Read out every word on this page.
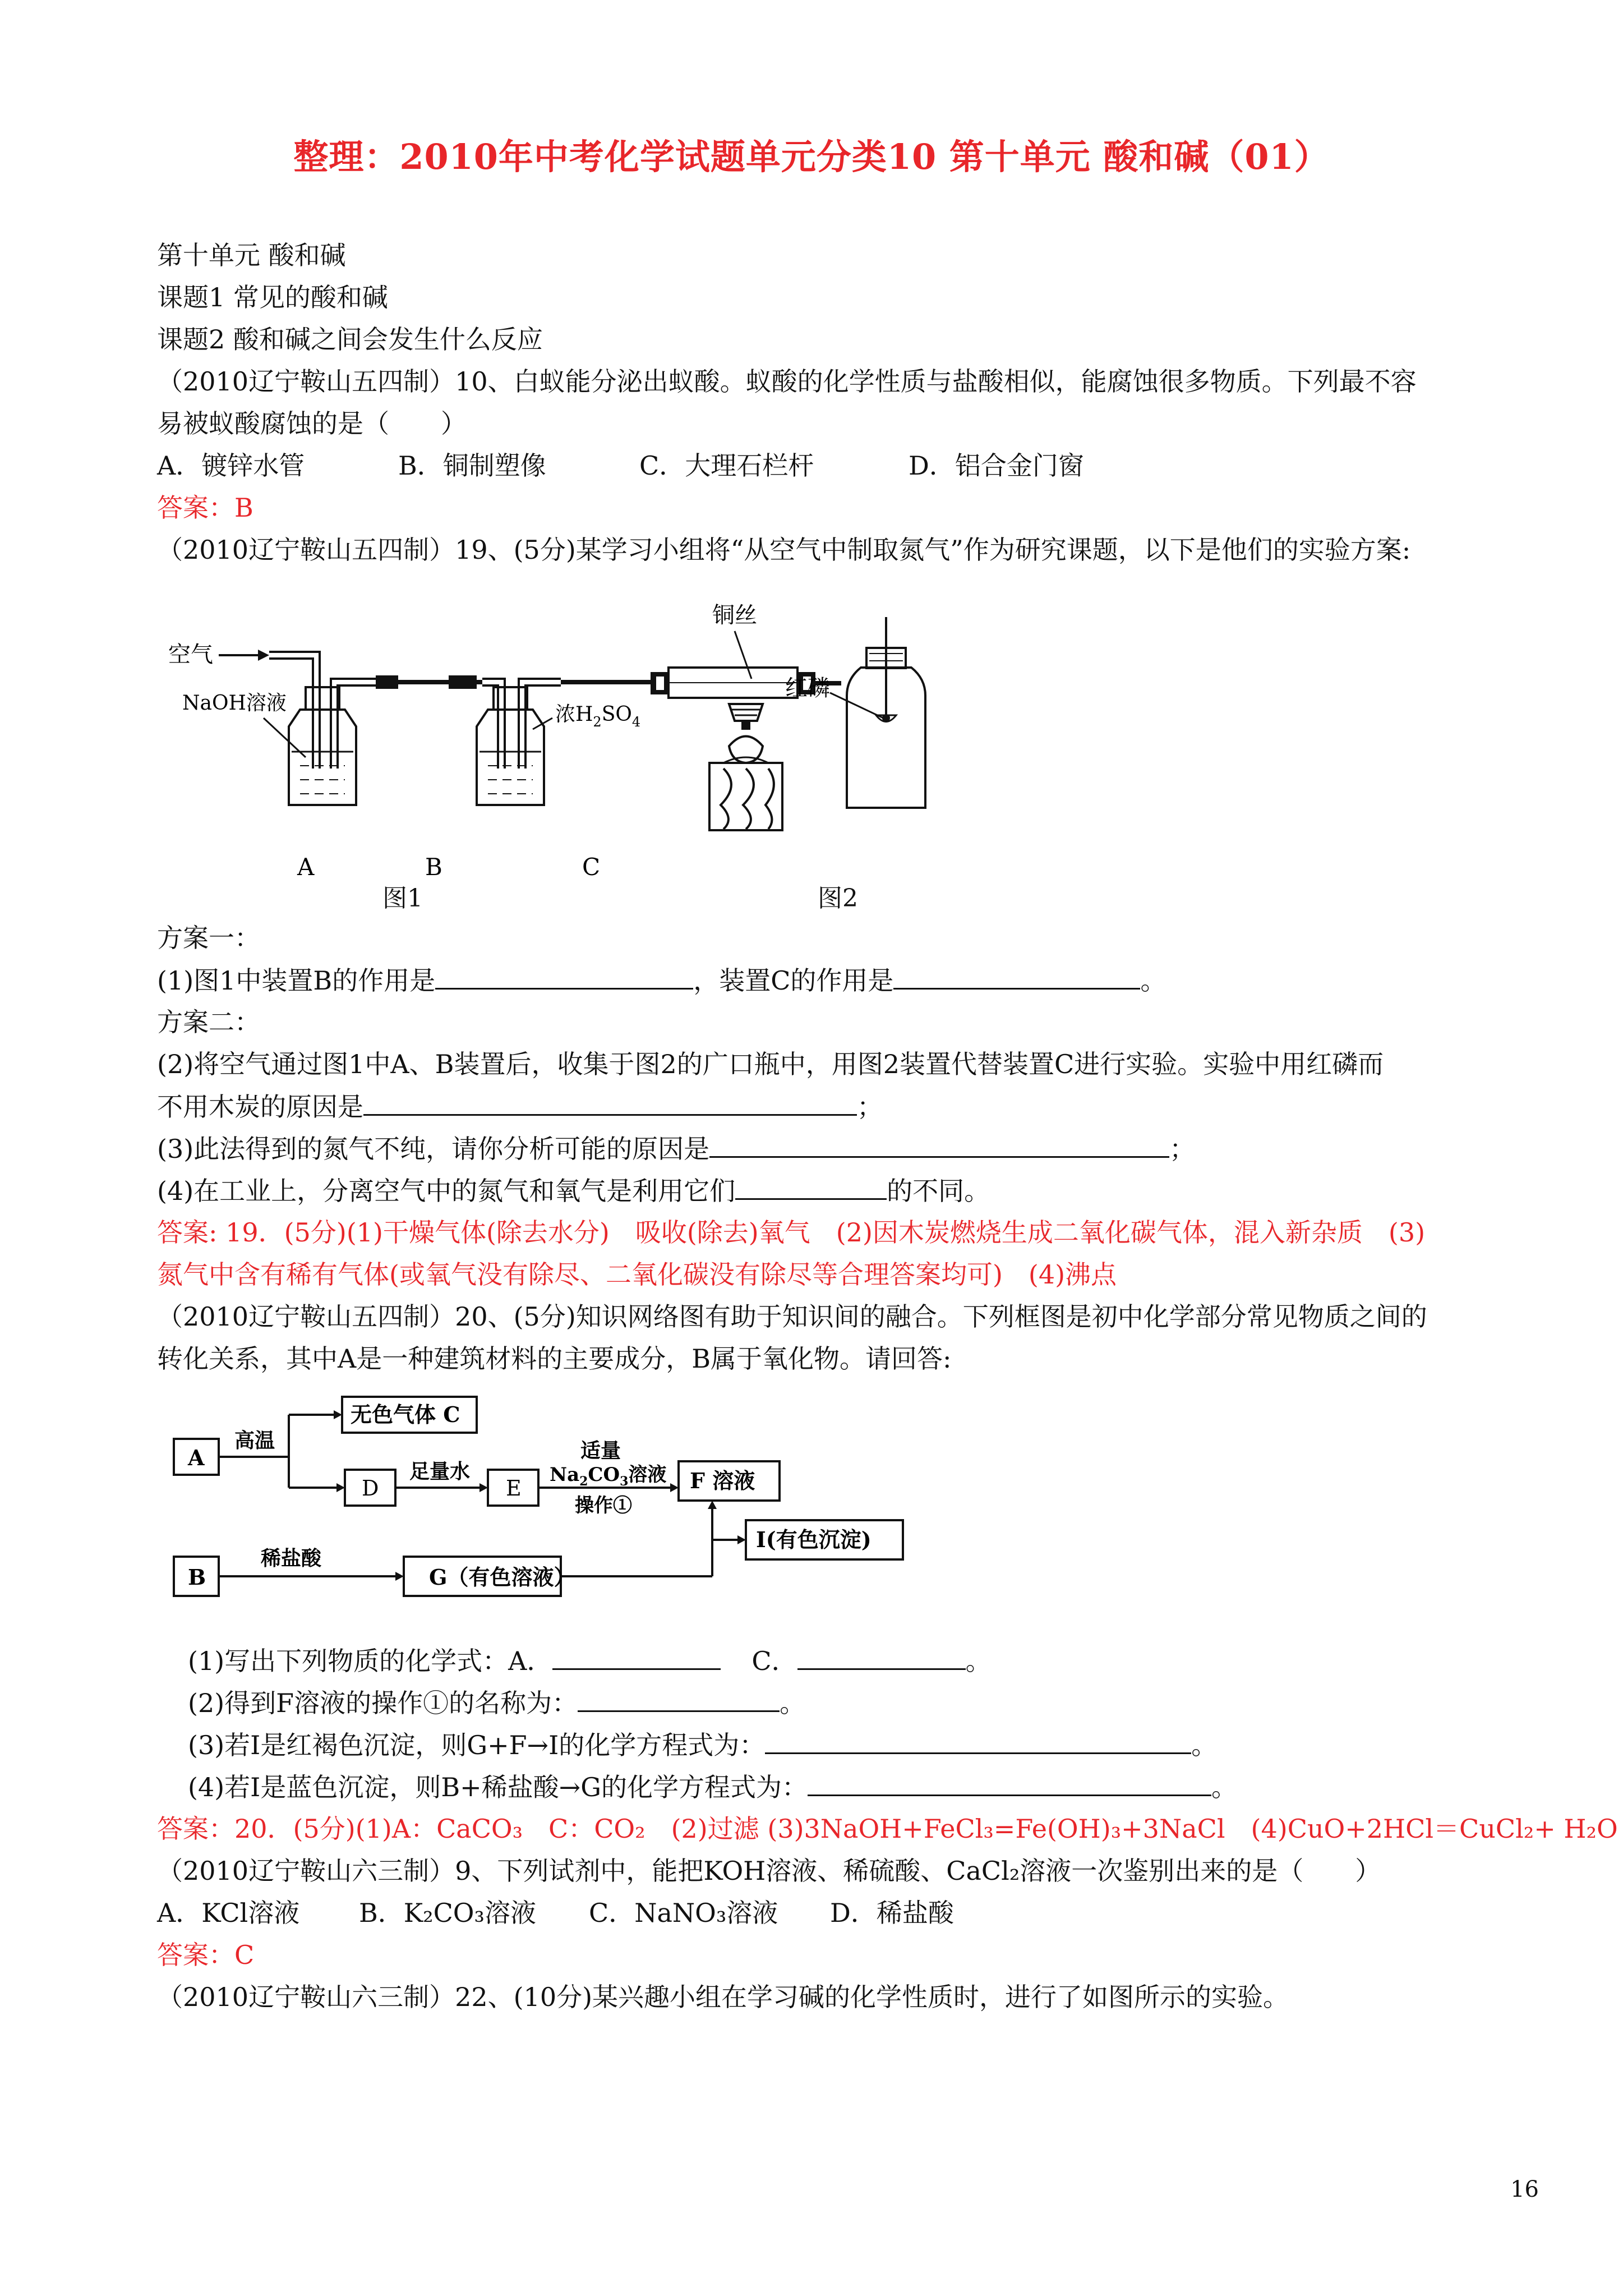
整理：2010年中考化学试题单元分类10 第十单元 酸和碱（01）
第十单元 酸和碱
课题1 常见的酸和碱
课题2 酸和碱之间会发生什么反应
（2010辽宁鞍山五四制）10、白蚁能分泌出蚁酸。蚁酸的化学性质与盐酸相似，能腐蚀很多物质。下列最不容
易被蚁酸腐蚀的是（　　）
A．镀锌水管	B．铜制塑像	C．大理石栏杆	D．铝合金门窗
答案：B
（2010辽宁鞍山五四制）19、(5分)某学习小组将“从空气中制取氮气”作为研究课题，以下是他们的实验方案:
空气
NaOH溶液	浓$H_2SO_4$
铜丝
A	B	C
红磷
图1	图2
方案一：
(1)图1中装置B的作用是	，装置C的作用是	。
方案二：
(2)将空气通过图1中A、B装置后，收集于图2的广口瓶中，用图2装置代替装置C进行实验。实验中用红磷而
不用木炭的原因是	；
(3)此法得到的氮气不纯，请你分析可能的原因是	；
(4)在工业上，分离空气中的氮气和氧气是利用它们	的不同。
答案: 19．(5分)(1)干燥气体(除去水分)　吸收(除去)氧气　(2)因木炭燃烧生成二氧化碳气体，混入新杂质　(3)
氮气中含有稀有气体(或氧气没有除尽、二氧化碳没有除尽等合理答案均可)　(4)沸点
（2010辽宁鞍山五四制）20、(5分)知识网络图有助于知识间的融合。下列框图是初中化学部分常见物质之间的
转化关系，其中A是一种建筑材料的主要成分，B属于氧化物。请回答:
A
高温
无色气体 C
D
足量水
E
适量
$Na_2CO_3$溶液
操作①
F 溶液
I(有色沉淀)
B
稀盐酸
G（有色溶液）
(1)写出下列物质的化学式：A．	C．	。
(2)得到F溶液的操作①的名称为：	。
(3)若I是红褐色沉淀，则G+F→I的化学方程式为：	。
(4)若I是蓝色沉淀，则B+稀盐酸→G的化学方程式为：	。
答案：20．(5分)(1)A：CaCO₃　C：CO₂　(2)过滤 (3)3NaOH+FeCl₃=Fe(OH)₃+3NaCl　(4)CuO+2HCl＝CuCl₂+ H₂O
（2010辽宁鞍山六三制）9、下列试剂中，能把KOH溶液、稀硫酸、CaCl₂溶液一次鉴别出来的是（　　）
A．KCl溶液 B．K₂CO₃溶液 C．NaNO₃溶液 D．稀盐酸
答案：C
（2010辽宁鞍山六三制）22、(10分)某兴趣小组在学习碱的化学性质时，进行了如图所示的实验。
16
